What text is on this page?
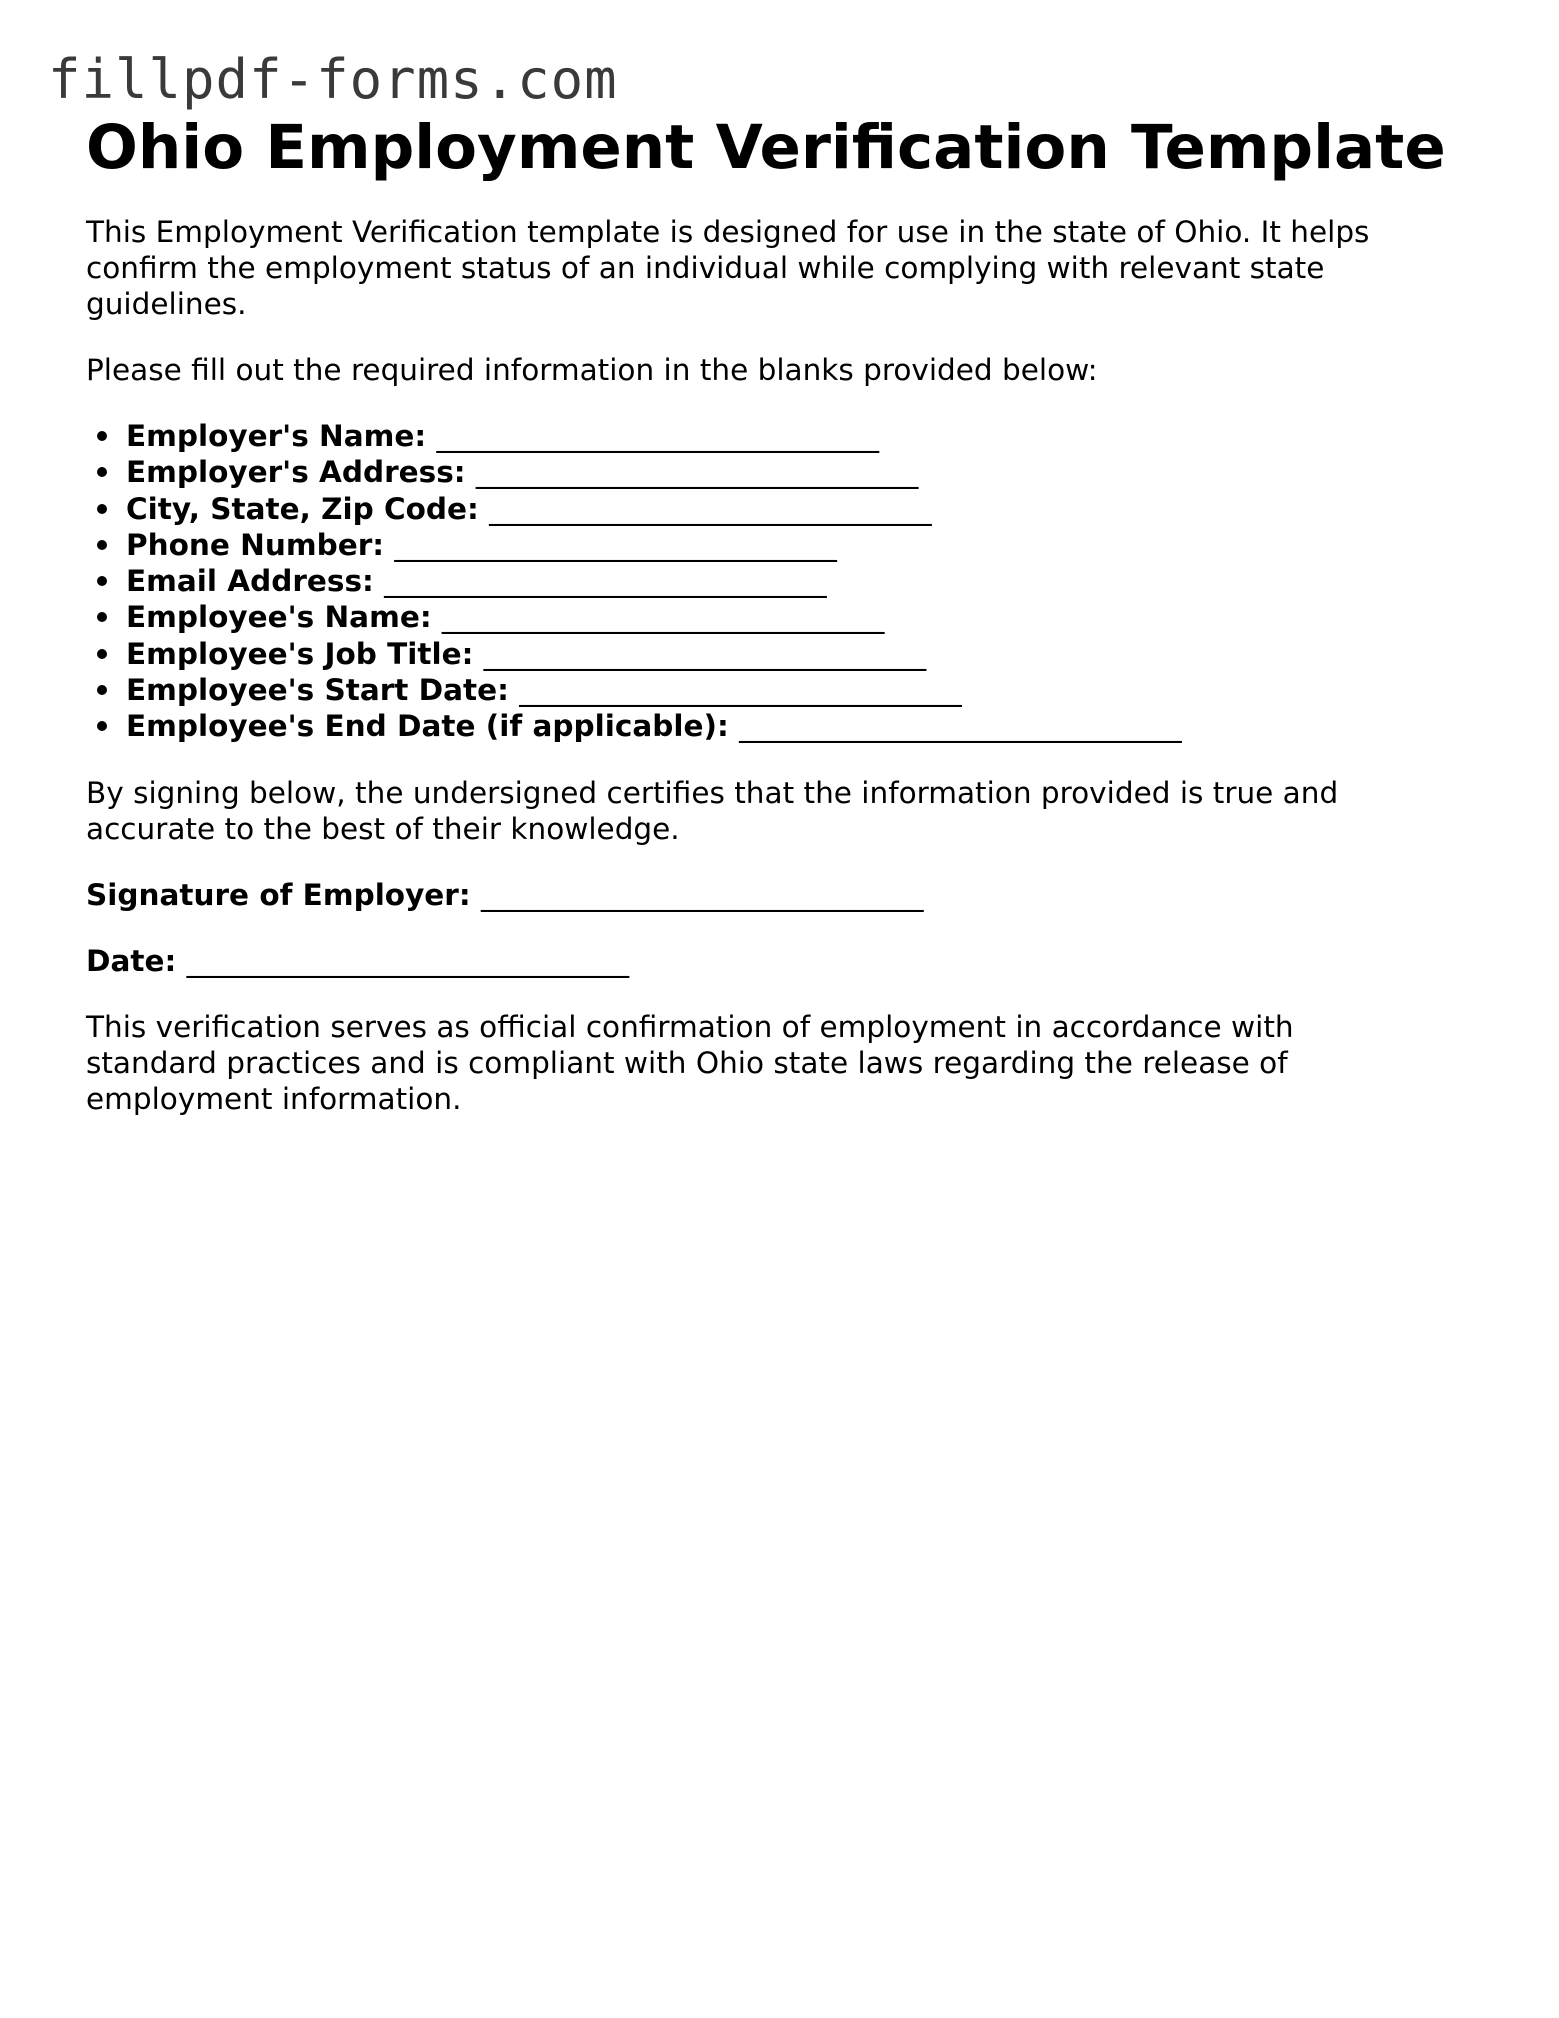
fillpdf-forms.com
Ohio Employment Verification Template

This Employment Verification template is designed for use in the state of Ohio. It helps confirm the employment status of an individual while complying with relevant state guidelines.

Please fill out the required information in the blanks provided below:

Employer's Name: ______________________________
Employer's Address: ______________________________
City, State, Zip Code: ______________________________
Phone Number: ______________________________
Email Address: ______________________________
Employee's Name: ______________________________
Employee's Job Title: ______________________________
Employee's Start Date: ______________________________
Employee's End Date (if applicable): ______________________________

By signing below, the undersigned certifies that the information provided is true and accurate to the best of their knowledge.

Signature of Employer: ______________________________
Date: ______________________________

This verification serves as official confirmation of employment in accordance with standard practices and is compliant with Ohio state laws regarding the release of employment information.
